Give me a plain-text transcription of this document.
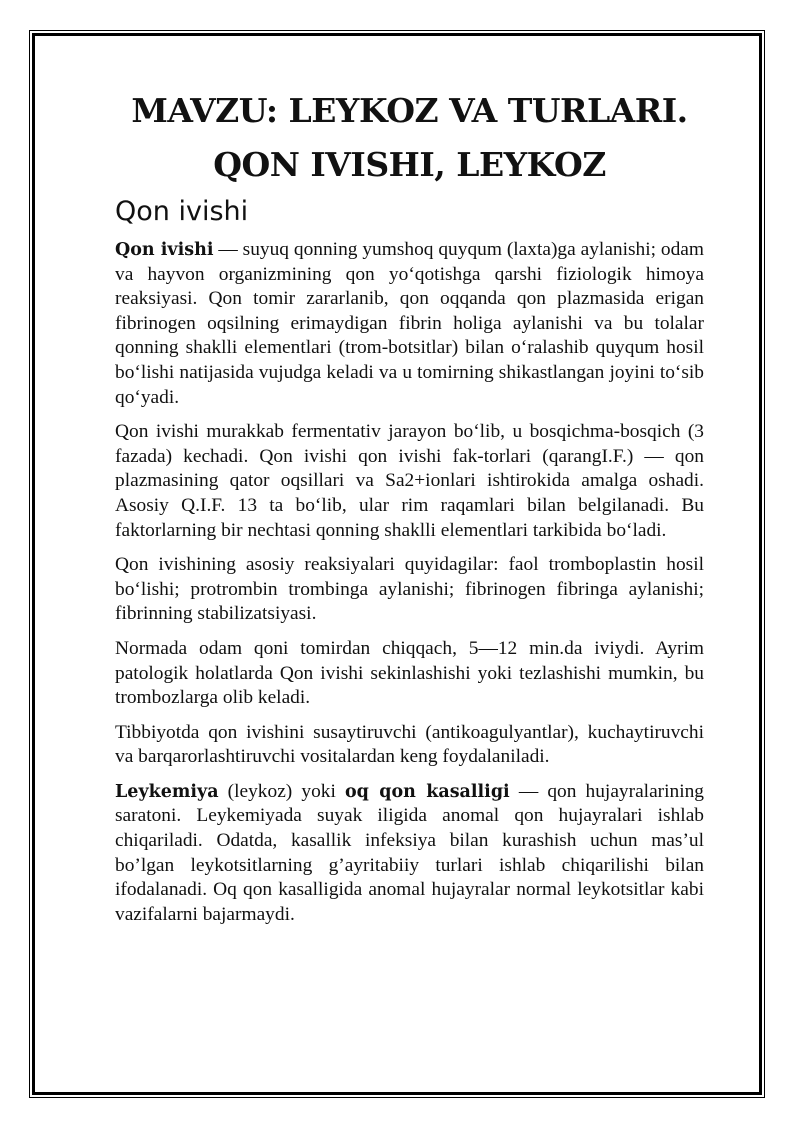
MAVZU: LEYKOZ VA TURLARI.
QON IVISHI, LEYKOZ
Qon ivishi

Qon ivishi — suyuq qonning yumshoq quyqum (laxta)ga aylanishi; odam va hayvon organizmining qon yoʻqotishga qarshi fiziologik himoya reaksiyasi. Qon tomir zararlanib, qon oqqanda qon plazmasida erigan fibrinogen oqsilning erimaydigan fibrin holiga aylanishi va bu tolalar qonning shaklli elementlari (trom-botsitlar) bilan oʻralashib quyqum hosil boʻlishi natijasida vujudga keladi va u tomirning shikastlangan joyini toʻsib qoʻyadi.

Qon ivishi murakkab fermentativ jarayon boʻlib, u bosqichma-bosqich (3 fazada) kechadi. Qon ivishi qon ivishi fak-torlari (qarangI.F.) — qon plazmasining qator oqsillari va Sa2+ionlari ishtirokida amalga oshadi. Asosiy Q.I.F. 13 ta boʻlib, ular rim raqamlari bilan belgilanadi. Bu faktorlarning bir nechtasi qonning shaklli elementlari tarkibida boʻladi.

Qon ivishining asosiy reaksiyalari quyidagilar: faol tromboplastin hosil boʻlishi; protrombin trombinga aylanishi; fibrinogen fibringa aylanishi; fibrinning stabilizatsiyasi.

Normada odam qoni tomirdan chiqqach, 5—12 min.da iviydi. Ayrim patologik holatlarda Qon ivishi sekinlashishi yoki tezlashishi mumkin, bu trombozlarga olib keladi.

Tibbiyotda qon ivishini susaytiruvchi (antikoagulyantlar), kuchaytiruvchi va barqarorlashtiruvchi vositalardan keng foydalaniladi.

Leykemiya (leykoz) yoki oq qon kasalligi — qon hujayralarining saratoni. Leykemiyada suyak iligida anomal qon hujayralari ishlab chiqariladi. Odatda, kasallik infeksiya bilan kurashish uchun mas’ul bo’lgan leykotsitlarning g’ayritabiiy turlari ishlab chiqarilishi bilan ifodalanadi. Oq qon kasalligida anomal hujayralar normal leykotsitlar kabi vazifalarni bajarmaydi.
